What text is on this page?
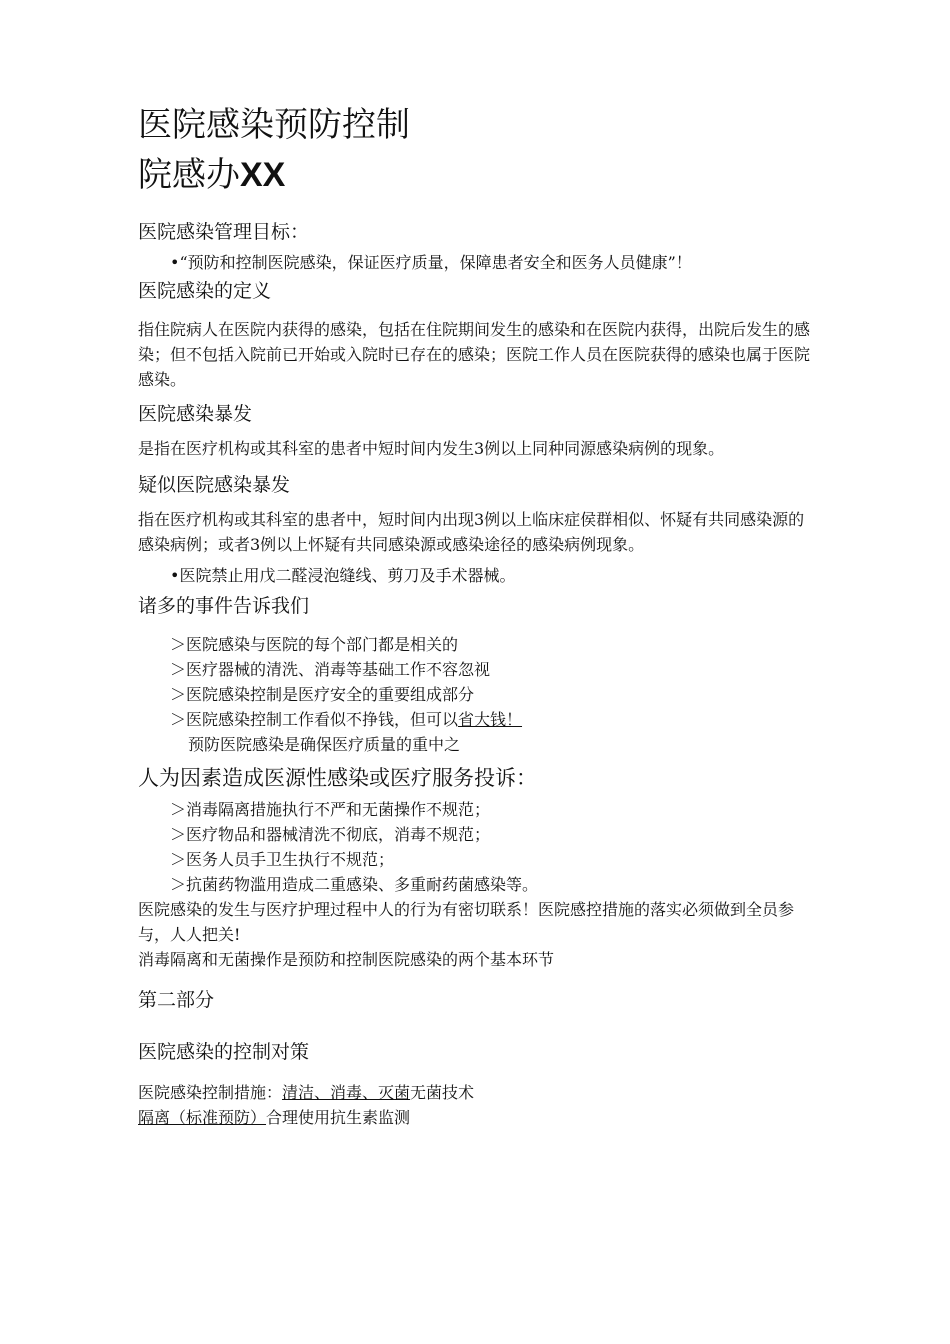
医院感染预防控制
院感办XX
医院感染管理目标：

•“预防和控制医院感染，保证医疗质量，保障患者安全和医务人员健康”！

医院感染的定义

指住院病人在医院内获得的感染，包括在住院期间发生的感染和在医院内获得，出院后发生的感染；但不包括入院前已开始或入院时已存在的感染；医院工作人员在医院获得的感染也属于医院感染。

医院感染暴发

是指在医疗机构或其科室的患者中短时间内发生3例以上同种同源感染病例的现象。

疑似医院感染暴发

指在医疗机构或其科室的患者中，短时间内出现3例以上临床症侯群相似、怀疑有共同感染源的感染病例；或者3例以上怀疑有共同感染源或感染途径的感染病例现象。

•医院禁止用戊二醛浸泡缝线、剪刀及手术器械。

诸多的事件告诉我们

＞医院感染与医院的每个部门都是相关的

＞医疗器械的清洗、消毒等基础工作不容忽视

＞医院感染控制是医疗安全的重要组成部分

＞医院感染控制工作看似不挣钱，但可以省大钱！

预防医院感染是确保医疗质量的重中之

人为因素造成医源性感染或医疗服务投诉：

＞消毒隔离措施执行不严和无菌操作不规范；

＞医疗物品和器械清洗不彻底，消毒不规范；

＞医务人员手卫生执行不规范；

＞抗菌药物滥用造成二重感染、多重耐药菌感染等。

医院感染的发生与医疗护理过程中人的行为有密切联系！医院感控措施的落实必须做到全员参与，人人把关!

消毒隔离和无菌操作是预防和控制医院感染的两个基本环节

第二部分
医院感染的控制对策

医院感染控制措施：清洁、消毒、灭菌无菌技术

隔离（标准预防）合理使用抗生素监测
